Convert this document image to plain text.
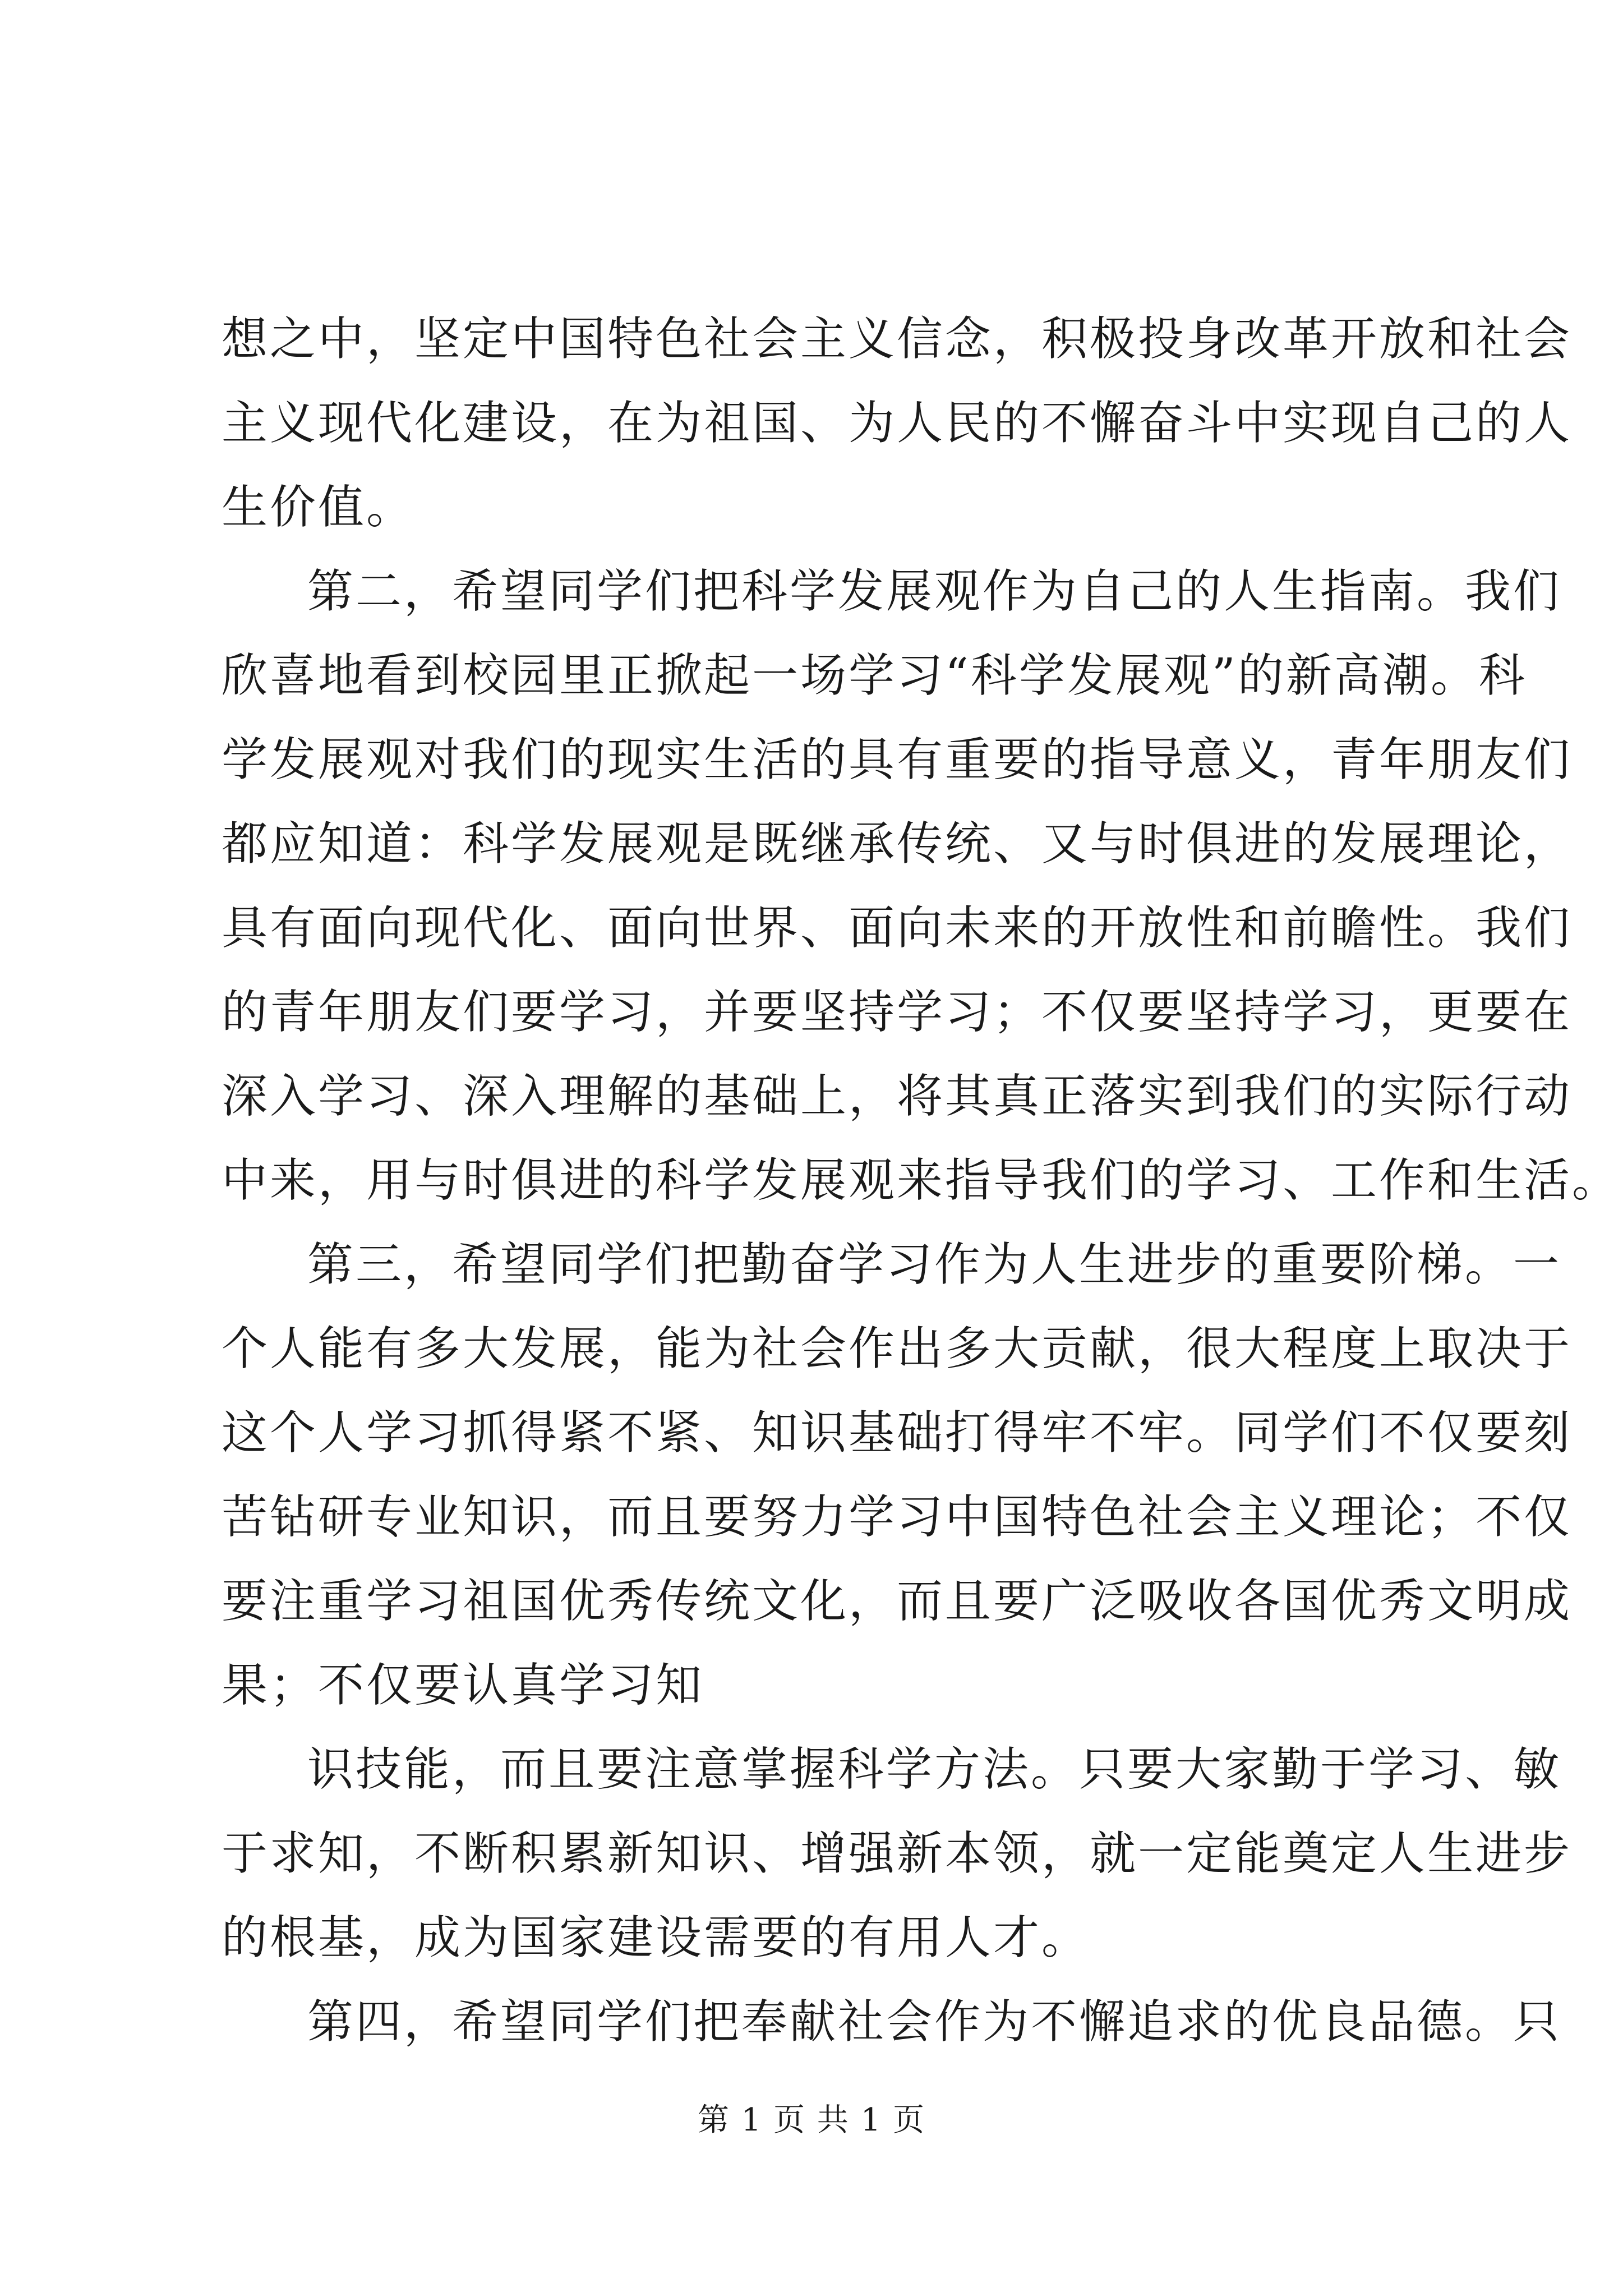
想之中，坚定中国特色社会主义信念，积极投身改革开放和社会
主义现代化建设，在为祖国、为人民的不懈奋斗中实现自己的人
生价值。
第二，希望同学们把科学发展观作为自己的人生指南。我们
欣喜地看到校园里正掀起一场学习“科学发展观”的新高潮。科
学发展观对我们的现实生活的具有重要的指导意义，青年朋友们
都应知道：科学发展观是既继承传统、又与时俱进的发展理论，
具有面向现代化、面向世界、面向未来的开放性和前瞻性。我们
的青年朋友们要学习，并要坚持学习；不仅要坚持学习，更要在
深入学习、深入理解的基础上，将其真正落实到我们的实际行动
中来，用与时俱进的科学发展观来指导我们的学习、工作和生活。
第三，希望同学们把勤奋学习作为人生进步的重要阶梯。一
个人能有多大发展，能为社会作出多大贡献，很大程度上取决于
这个人学习抓得紧不紧、知识基础打得牢不牢。同学们不仅要刻
苦钻研专业知识，而且要努力学习中国特色社会主义理论；不仅
要注重学习祖国优秀传统文化，而且要广泛吸收各国优秀文明成
果；不仅要认真学习知
识技能，而且要注意掌握科学方法。只要大家勤于学习、敏
于求知，不断积累新知识、增强新本领，就一定能奠定人生进步
的根基，成为国家建设需要的有用人才。
第四，希望同学们把奉献社会作为不懈追求的优良品德。只
第 1 页 共 1 页
